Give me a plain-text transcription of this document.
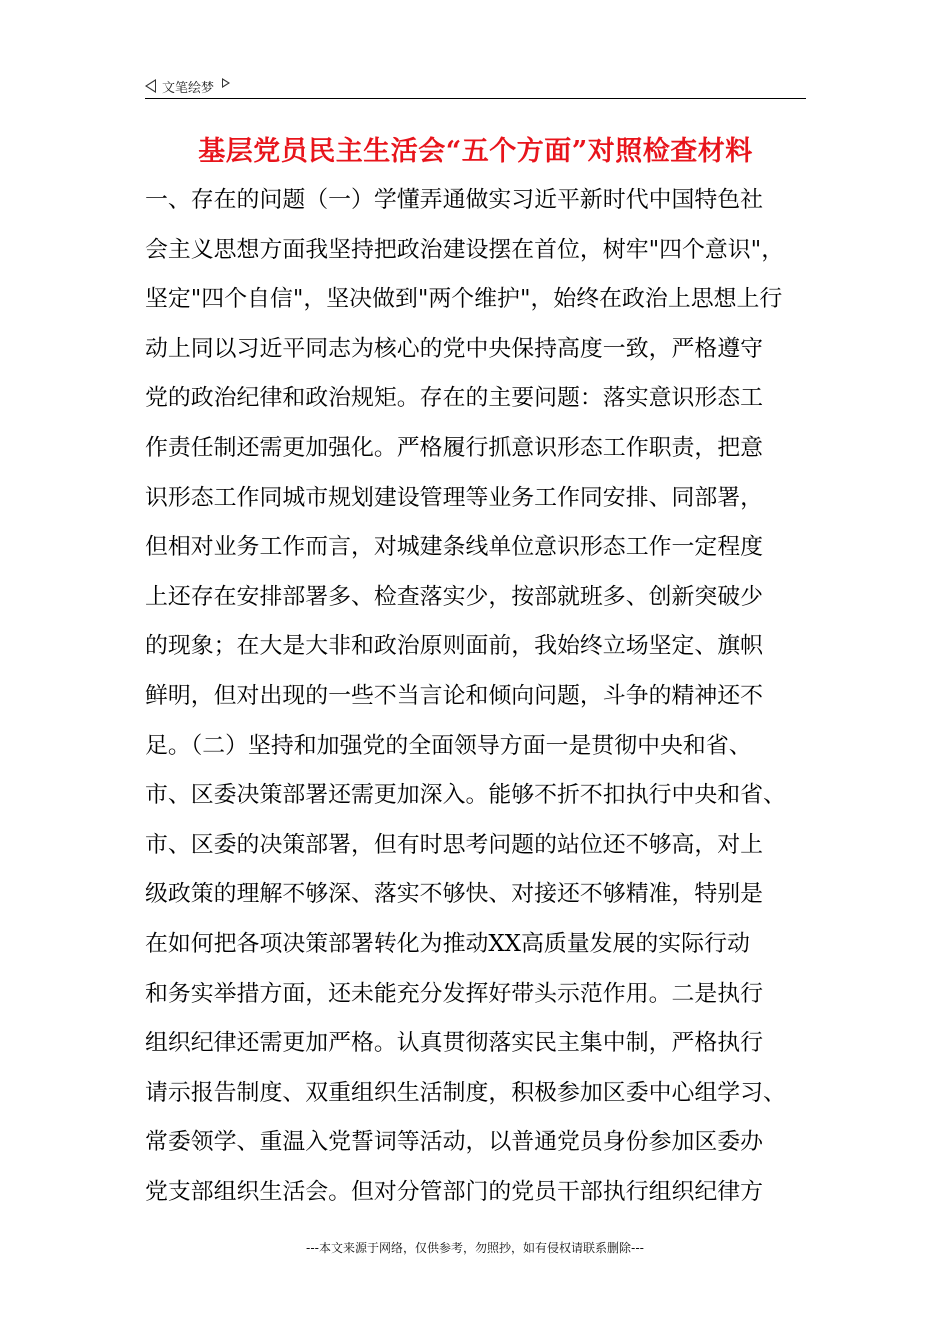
文笔绘梦
基层党员民主生活会“五个方面”对照检查材料
一、存在的问题（一）学懂弄通做实习近平新时代中国特色社
会主义思想方面我坚持把政治建设摆在首位，树牢"四个意识"，
坚定"四个自信"，坚决做到"两个维护"，始终在政治上思想上行
动上同以习近平同志为核心的党中央保持高度一致，严格遵守
党的政治纪律和政治规矩。存在的主要问题：落实意识形态工
作责任制还需更加强化。严格履行抓意识形态工作职责，把意
识形态工作同城市规划建设管理等业务工作同安排、同部署，
但相对业务工作而言，对城建条线单位意识形态工作一定程度
上还存在安排部署多、检查落实少，按部就班多、创新突破少
的现象；在大是大非和政治原则面前，我始终立场坚定、旗帜
鲜明，但对出现的一些不当言论和倾向问题，斗争的精神还不
足。（二）坚持和加强党的全面领导方面一是贯彻中央和省、
市、区委决策部署还需更加深入。能够不折不扣执行中央和省、
市、区委的决策部署，但有时思考问题的站位还不够高，对上
级政策的理解不够深、落实不够快、对接还不够精准，特别是
在如何把各项决策部署转化为推动XX高质量发展的实际行动
和务实举措方面，还未能充分发挥好带头示范作用。二是执行
组织纪律还需更加严格。认真贯彻落实民主集中制，严格执行
请示报告制度、双重组织生活制度，积极参加区委中心组学习、
常委领学、重温入党誓词等活动，以普通党员身份参加区委办
党支部组织生活会。但对分管部门的党员干部执行组织纪律方
---本文来源于网络，仅供参考，勿照抄，如有侵权请联系删除---
